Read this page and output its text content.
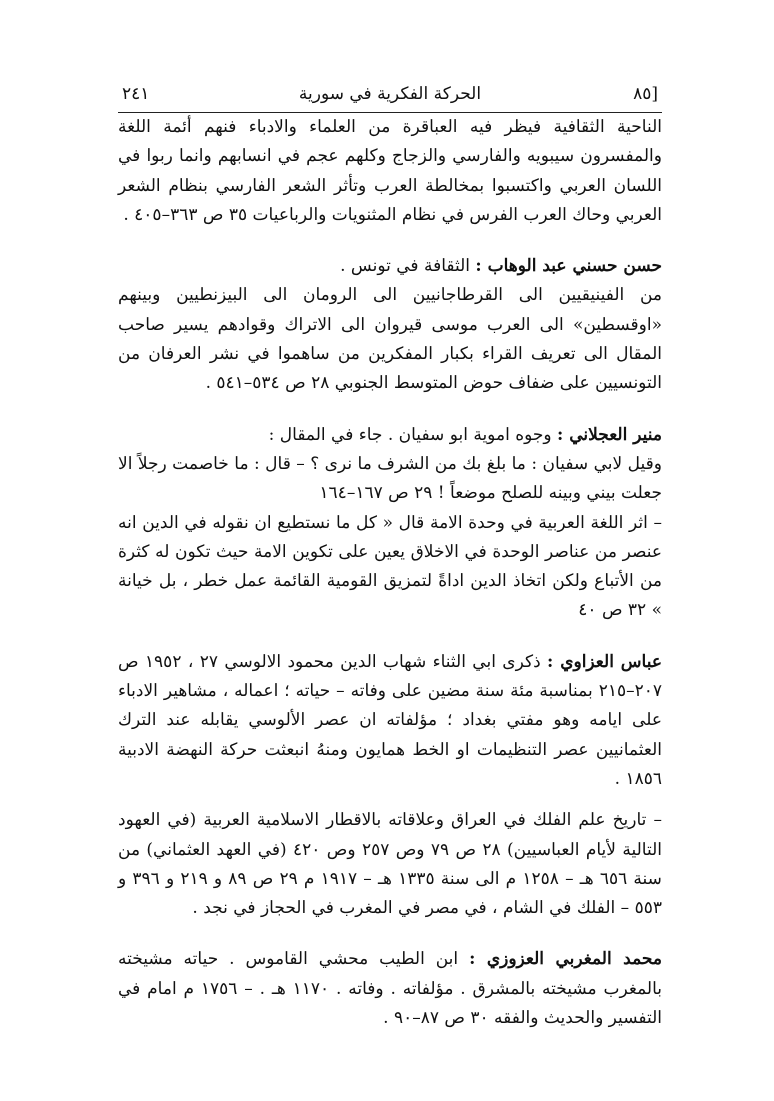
٢٤١	الحركة الفكرية في سورية	٨٥]

الناحية الثقافية فيظر فيه العباقرة من العلماء والادباء فنهم أئمة اللغة والمفسرون سيبويه والفارسي والزجاج وكلهم عجم في انسابهم وانما ربوا في اللسان العربي واكتسبوا بمخالطة العرب وتأثر الشعر الفارسي بنظام الشعر العربي وحاك العرب الفرس في نظام المثنويات والرباعيات ٣٥ ص ٣٦٣–٤٠٥ .

حسن حسني عبد الوهاب : الثقافة في تونس .

من الفينيقيين الى القرطاجانيين الى الرومان الى البيزنطيين وبينهم «اوقسطين» الى العرب موسى قيروان الى الاتراك وقوادهم يسير صاحب المقال الى تعريف القراء بكبار المفكرين من ساهموا في نشر العرفان من التونسيين على ضفاف حوض المتوسط الجنوبي ٢٨ ص ٥٣٤–٥٤١ .

منير العجلاني : وجوه اموية ابو سفيان . جاء في المقال :

وقيل لابي سفيان : ما بلغ بك من الشرف ما نرى ؟ – قال : ما خاصمت رجلاً الا جعلت بيني وبينه للصلح موضعاً ! ٢٩ ص ١٦٧–١٦٤

– اثر اللغة العربية في وحدة الامة قال « كل ما نستطيع ان نقوله في الدين انه عنصر من عناصر الوحدة في الاخلاق يعين على تكوين الامة حيث تكون له كثرة من الأتباع ولكن اتخاذ الدين اداةً لتمزيق القومية القائمة عمل خطر ، بل خيانة » ٣٢ ص ٤٠

عباس العزاوي : ذكرى ابي الثناء شهاب الدين محمود الالوسي ٢٧ ، ١٩٥٢ ص ٢٠٧–٢١٥ بمناسبة مئة سنة مضين على وفاته – حياته ؛ اعماله ، مشاهير الادباء على ايامه وهو مفتي بغداد ؛ مؤلفاته ان عصر الألوسي يقابله عند الترك العثمانيين عصر التنظيمات او الخط همايون ومنهُ انبعثت حركة النهضة الادبية ١٨٥٦ .

– تاريخ علم الفلك في العراق وعلاقاته بالاقطار الاسلامية العربية (في العهود التالية لأيام العباسيين) ٢٨ ص ٧٩ وص ٢٥٧ وص ٤٢٠ (في العهد العثماني) من سنة ٦٥٦ هـ – ١٢٥٨ م الى سنة ١٣٣٥ هـ – ١٩١٧ م ٢٩ ص ٨٩ و ٢١٩ و ٣٩٦ و ٥٥٣ – الفلك في الشام ، في مصر في المغرب في الحجاز في نجد .

محمد المغربي العزوزي : ابن الطيب محشي القاموس . حياته مشيخته بالمغرب مشيخته بالمشرق . مؤلفاته . وفاته . ١١٧٠ هـ . – ١٧٥٦ م امام في التفسير والحديث والفقه ٣٠ ص ٨٧–٩٠ .
